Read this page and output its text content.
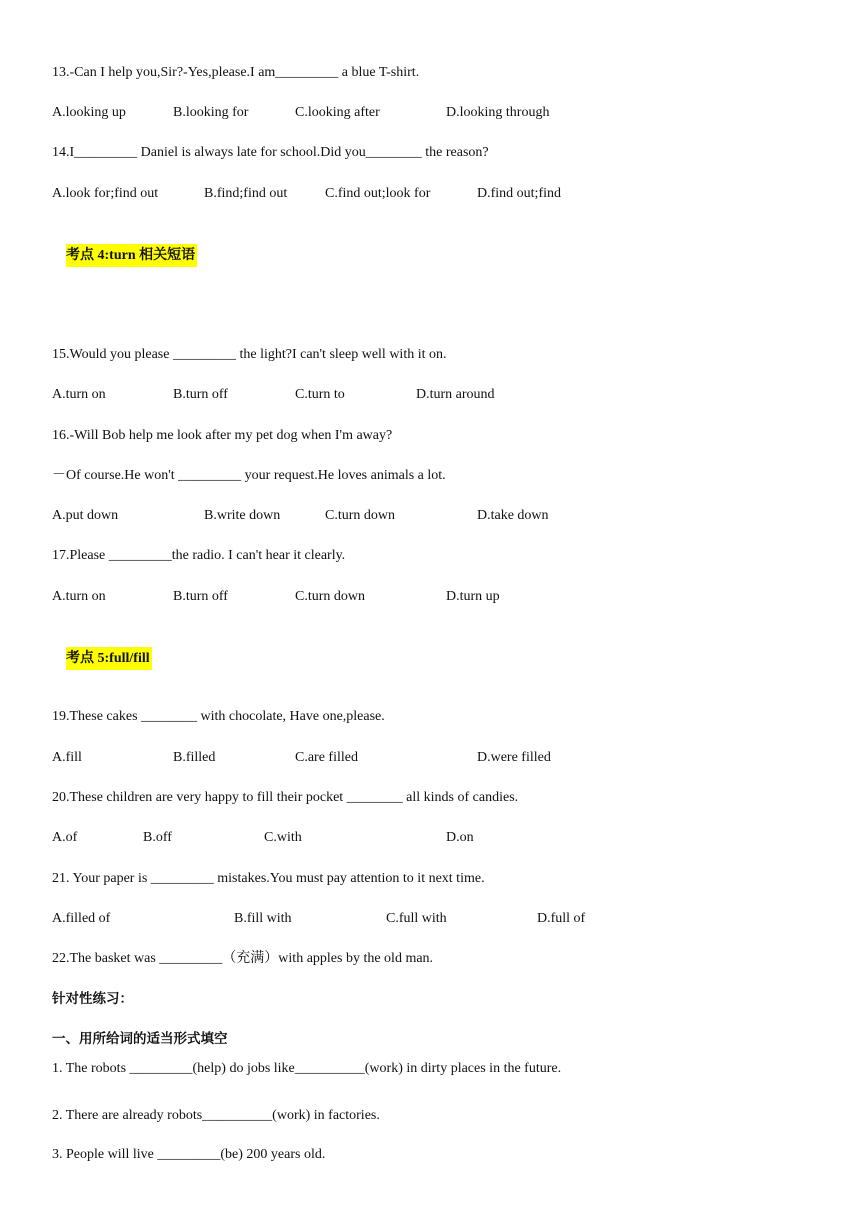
13.-Can I help you,Sir?-Yes,please.I am_________ a blue T-shirt.

A.looking up

	B.looking for

	C.looking after

	D.looking through

14.I_________ Daniel is always late for school.Did you________ the reason?

A.look for;find out

	B.find;find out

	C.find out;look for

	D.find out;find

考点 4:turn 相关短语

15.Would you please _________ the light?I can't sleep well with it on.

A.turn on

	B.turn off

	C.turn to

	D.turn around

16.-Will Bob help me look after my pet dog when I'm away?
－Of course.He won't _________ your request.He loves animals a lot.

A.put down

	B.write down

	C.turn down

	D.take down

17.Please _________the radio. I can't hear it clearly.

A.turn on

	B.turn off

	C.turn down

	D.turn up

考点 5:full/fill

19.These cakes ________ with chocolate, Have one,please.

A.fill

	B.filled

	C.are filled

	D.were filled

20.These children are very happy to fill their pocket ________ all kinds of candies.

A.of

	B.off

	C.with

	D.on

21. Your paper is _________ mistakes.You must pay attention to it next time.

A.filled of

	B.fill with

	C.full with

	D.full of

22.The basket was _________（充满）with apples by the old man.
针对性练习：
一、用所给词的适当形式填空
1. The robots _________(help) do jobs like__________(work) in dirty places in the future.
2. There are already robots__________(work) in factories.
3. People will live _________(be) 200 years old.
